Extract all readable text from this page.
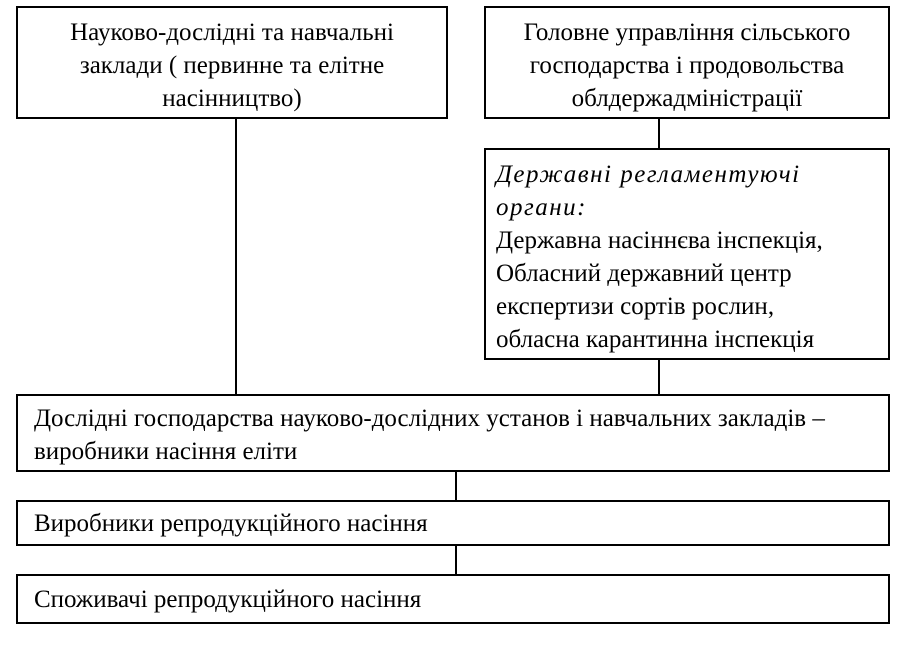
Науково-дослідні та навчальні заклади ( первинне та елітне насінництво)
Головне управління сільського господарства і продовольства облдержадміністрації
Державні регламентуючі органи:
Державна насіннєва інспекція,
Обласний державний центр експертизи сортів рослин,
обласна карантинна інспекція
Дослідні господарства науково-дослідних установ і навчальних закладів – виробники насіння еліти
Виробники репродукційного насіння
Споживачі репродукційного насіння
